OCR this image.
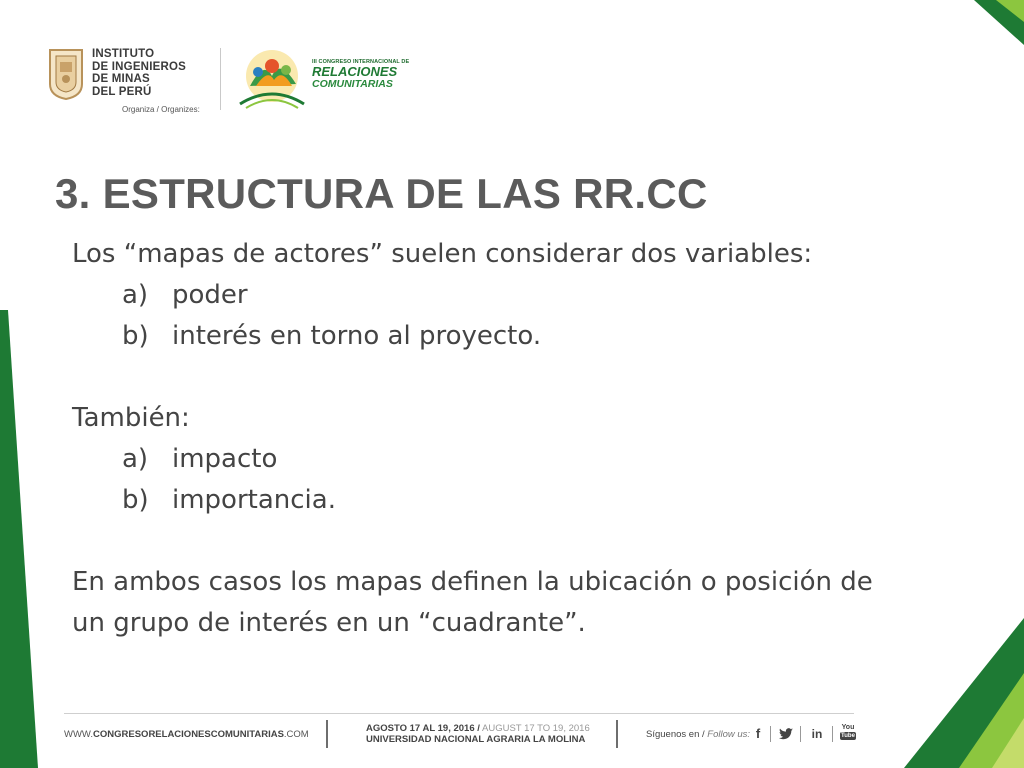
INSTITUTO
DE INGENIEROS
DE MINAS
DEL PERÚ
Organiza / Organizes:
III CONGRESO INTERNACIONAL DE
RELACIONES
COMUNITARIAS
3. ESTRUCTURA DE LAS RR.CC

Los “mapas de actores” suelen considerar dos variables:

a) poder
b) interés en torno al proyecto.

También:

a) impacto
b) importancia.

En ambos casos los mapas definen la ubicación o posición de un grupo de interés en un “cuadrante”.

WWW.CONGRESORELACIONESCOMUNITARIAS.COM
AGOSTO 17 AL 19, 2016 / AUGUST 17 TO 19, 2016
UNIVERSIDAD NACIONAL AGRARIA LA MOLINA	Síguenos en / Follow us: f	in	You
Tube
